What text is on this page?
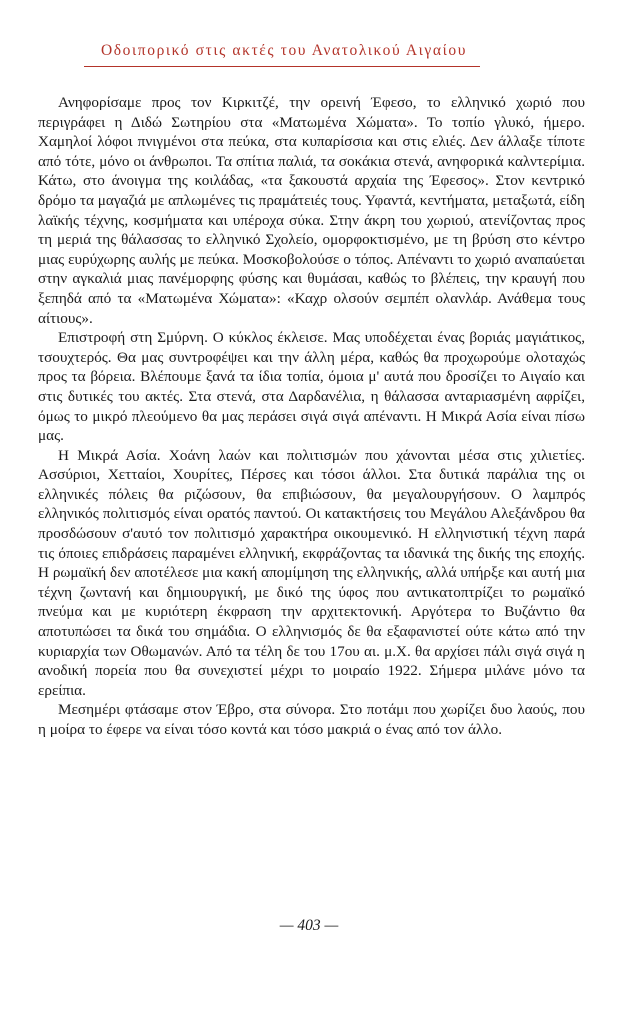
Οδοιπορικό στις ακτές του Ανατολικού Αιγαίου

Ανηφορίσαμε προς τον Κιρκιτζέ, την ορεινή Έφεσο, το ελληνικό χωριό που περιγράφει η Διδώ Σωτηρίου στα «Ματωμένα Χώματα». Το τοπίο γλυκό, ήμερο. Χαμηλοί λόφοι πνιγμένοι στα πεύκα, στα κυπαρίσσια και στις ελιές. Δεν άλλαξε τίποτε από τότε, μόνο οι άνθρωποι. Τα σπίτια παλιά, τα σοκάκια στενά, ανηφορικά καλντερίμια. Κάτω, στο άνοιγμα της κοιλάδας, «τα ξακουστά αρχαία της Έφεσος». Στον κεντρικό δρόμο τα μαγαζιά με απλωμένες τις πραμάτειές τους. Υφαντά, κεντήματα, μεταξωτά, είδη λαϊκής τέχνης, κοσμήματα και υπέροχα σύκα. Στην άκρη του χωριού, ατενίζοντας προς τη μεριά της θάλασσας το ελληνικό Σχολείο, ομορφοκτισμένο, με τη βρύση στο κέντρο μιας ευρύχωρης αυλής με πεύκα. Μοσκοβολούσε ο τόπος. Απέναντι το χωριό αναπαύεται στην αγκαλιά μιας πανέμορφης φύσης και θυμάσαι, καθώς το βλέπεις, την κραυγή που ξεπηδά από τα «Ματωμένα Χώματα»: «Καχρ ολσούν σεμπέπ ολανλάρ. Ανάθεμα τους αίτιους».

Επιστροφή στη Σμύρνη. Ο κύκλος έκλεισε. Μας υποδέχεται ένας βοριάς μαγιάτικος, τσουχτερός. Θα μας συντροφέψει και την άλλη μέρα, καθώς θα προχωρούμε ολοταχώς προς τα βόρεια. Βλέπουμε ξανά τα ίδια τοπία, όμοια μ' αυτά που δροσίζει το Αιγαίο και στις δυτικές του ακτές. Στα στενά, στα Δαρδανέλια, η θάλασσα ανταριασμένη αφρίζει, όμως το μικρό πλεούμενο θα μας περάσει σιγά σιγά απέναντι. Η Μικρά Ασία είναι πίσω μας.

Η Μικρά Ασία. Χοάνη λαών και πολιτισμών που χάνονται μέσα στις χιλιετίες. Ασσύριοι, Χετταίοι, Χουρίτες, Πέρσες και τόσοι άλλοι. Στα δυτικά παράλια της οι ελληνικές πόλεις θα ριζώσουν, θα επιβιώσουν, θα μεγαλουργήσουν. Ο λαμπρός ελληνικός πολιτισμός είναι ορατός παντού. Οι κατακτήσεις του Μεγάλου Αλεξάνδρου θα προσδώσουν σ'αυτό τον πολιτισμό χαρακτήρα οικουμενικό. Η ελληνιστική τέχνη παρά τις όποιες επιδράσεις παραμένει ελληνική, εκφράζοντας τα ιδανικά της δικής της εποχής. Η ρωμαϊκή δεν αποτέλεσε μια κακή απομίμηση της ελληνικής, αλλά υπήρξε και αυτή μια τέχνη ζωντανή και δημιουργική, με δικό της ύφος που αντικατοπτρίζει το ρωμαϊκό πνεύμα και με κυριότερη έκφραση την αρχιτεκτονική. Αργότερα το Βυζάντιο θα αποτυπώσει τα δικά του σημάδια. Ο ελληνισμός δε θα εξαφανιστεί ούτε κάτω από την κυριαρχία των Οθωμανών. Από τα τέλη δε του 17ου αι. μ.Χ. θα αρχίσει πάλι σιγά σιγά η ανοδική πορεία που θα συνεχιστεί μέχρι το μοιραίο 1922. Σήμερα μιλάνε μόνο τα ερείπια.

Μεσημέρι φτάσαμε στον Έβρο, στα σύνορα. Στο ποτάμι που χωρίζει δυο λαούς, που η μοίρα το έφερε να είναι τόσο κοντά και τόσο μακριά ο ένας από τον άλλο.

— 403 —
